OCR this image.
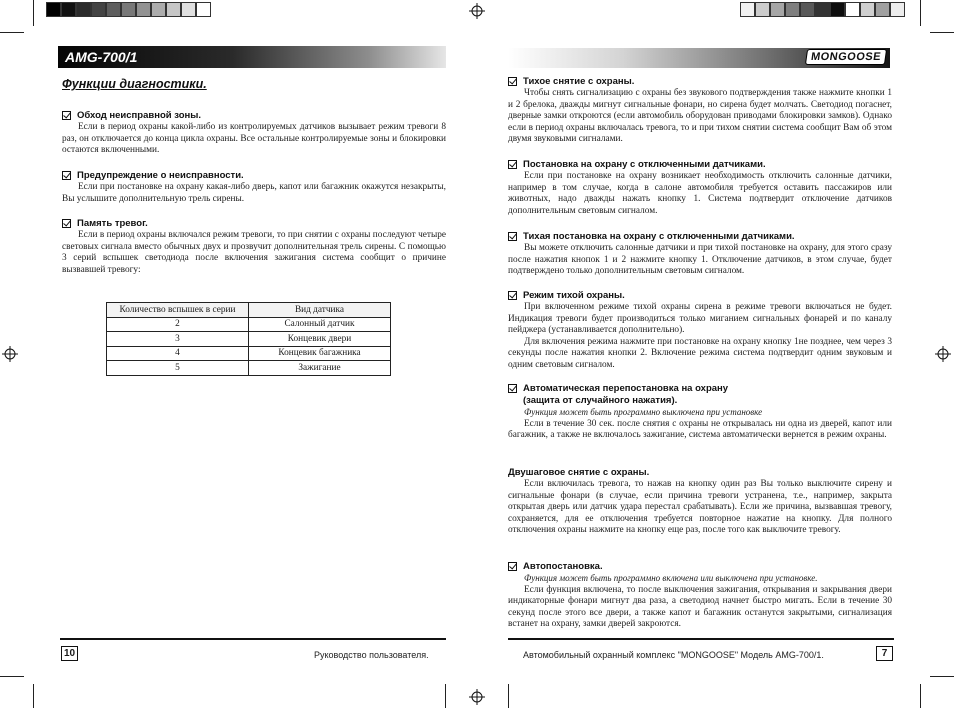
AMG-700/1
Функции диагностики.
Обход неисправной зоны.

Если в период охраны какой-либо из контролируемых датчиков вызывает режим тревоги 8 раз, он отключается до конца цикла охраны. Все остальные контролируемые зоны и блокировки остаются включенными.

Предупреждение о неисправности.

Если при постановке на охрану какая-либо дверь, капот или багажник окажутся незакрыты, Вы услышите дополнительную трель сирены.

Память тревог.

Если в период охраны включался режим тревоги, то при снятии с охраны последуют четыре световых сигнала вместо обычных двух и прозвучит дополнительная трель сирены. С помощью 3 серий вспышек светодиода после включения зажигания система сообщит о причине вызвавшей тревогу:

Количество вспышек в серии	Вид датчика
2	Салонный датчик
3	Концевик двери
4	Концевик багажника
5	Зажигание
10	Руководство пользователя.
MONGOOSE
Тихое снятие с охраны.

Чтобы снять сигнализацию с охраны без звукового подтверждения также нажмите кнопки 1 и 2 брелока, дважды мигнут сигнальные фонари, но сирена будет молчать. Светодиод погаснет, дверные замки откроются (если автомобиль оборудован приводами блокировки замков). Однако если в период охраны включалась тревога, то и при тихом снятии система сообщит Вам об этом двумя звуковыми сигналами.

Постановка на охрану с отключенными датчиками.

Если при постановке на охрану возникает необходимость отключить салонные датчики, например в том случае, когда в салоне автомобиля требуется оставить пассажиров или животных, надо дважды нажать кнопку 1. Система подтвердит отключение датчиков дополнительным световым сигналом.

Тихая постановка на охрану с отключенными датчиками.

Вы можете отключить салонные датчики и при тихой постановке на охрану, для этого сразу после нажатия кнопок 1 и 2 нажмите кнопку 1. Отключение датчиков, в этом случае, будет подтверждено только дополнительным световым сигналом.

Режим тихой охраны.

При включенном режиме тихой охраны сирена в режиме тревоги включаться не будет. Индикация тревоги будет производиться только миганием сигнальных фонарей и по каналу пейджера (устанавливается дополнительно).

Для включения режима нажмите при постановке на охрану кнопку 1не позднее, чем через 3 секунды после нажатия кнопки 2. Включение режима система подтвердит одним звуковым и одним световым сигналом.

Автоматическая перепостановка на охрану
(защита от случайного нажатия).

Функция может быть программно выключена при установке

Если в течение 30 сек. после снятия с охраны не открывалась ни одна из дверей, капот или багажник, а также не включалось зажигание, система автоматически вернется в режим охраны.

Двушаговое снятие с охраны.

Если включилась тревога, то нажав на кнопку один раз Вы только выключите сирену и сигнальные фонари (в случае, если причина тревоги устранена, т.е., например, закрыта открытая дверь или датчик удара перестал срабатывать). Если же причина, вызвавшая тревогу, сохраняется, для ее отключения требуется повторное нажатие на кнопку. Для полного отключения охраны нажмите на кнопку еще раз, после того как выключите тревогу.

Автопостановка.

Функция может быть программно включена или выключена при установке.

Если функция включена, то после выключения зажигания, открывания и закрывания двери индикаторные фонари мигнут два раза, а светодиод начнет быстро мигать. Если в течение 30 секунд после этого все двери, а также капот и багажник останутся закрытыми, сигнализация встанет на охрану, замки дверей закроются.

Автомобильный охранный комплекс "MONGOOSE" Модель AMG-700/1.	7
